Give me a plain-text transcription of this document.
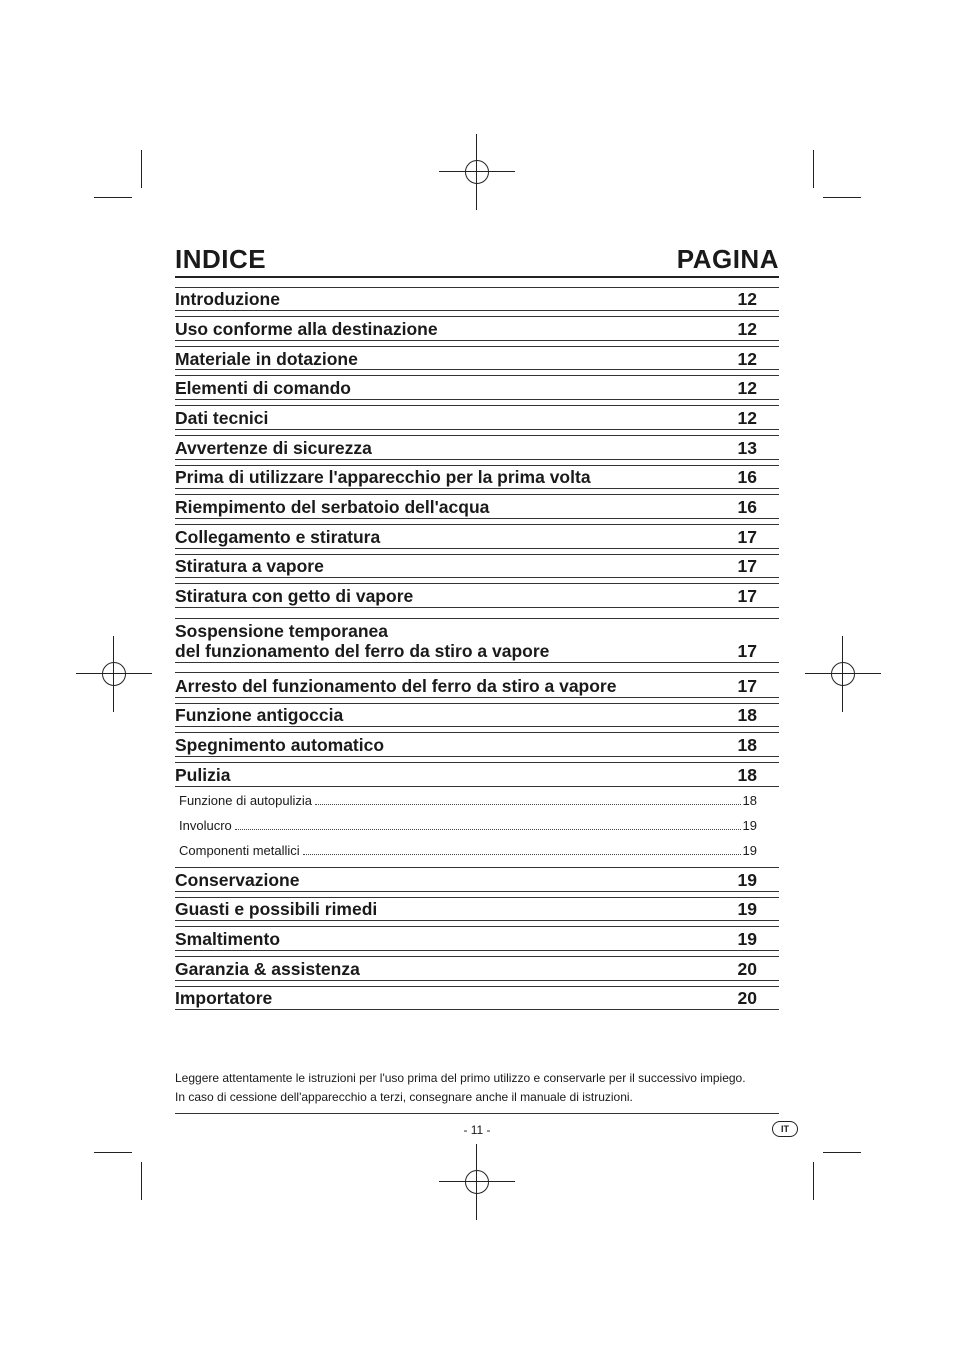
INDICE	PAGINA
Introduzione	12
Uso conforme alla destinazione	12
Materiale in dotazione	12
Elementi di comando	12
Dati tecnici	12
Avvertenze di sicurezza	13
Prima di utilizzare l'apparecchio per la prima volta	16
Riempimento del serbatoio dell'acqua	16
Collegamento e stiratura	17
Stiratura a vapore	17
Stiratura con getto di vapore	17
Sospensione temporanea
del funzionamento del ferro da stiro a vapore	17
Arresto del funzionamento del ferro da stiro a vapore	17
Funzione antigoccia	18
Spegnimento automatico	18
Pulizia	18
Funzione di autopulizia	18
Involucro	19
Componenti metallici	19
Conservazione	19
Guasti e possibili rimedi	19
Smaltimento	19
Garanzia & assistenza	20
Importatore	20

Leggere attentamente le istruzioni per l'uso prima del primo utilizzo e conservarle per il successivo impiego.

In caso di cessione dell'apparecchio a terzi, consegnare anche il manuale di istruzioni.

- 11 -	IT
